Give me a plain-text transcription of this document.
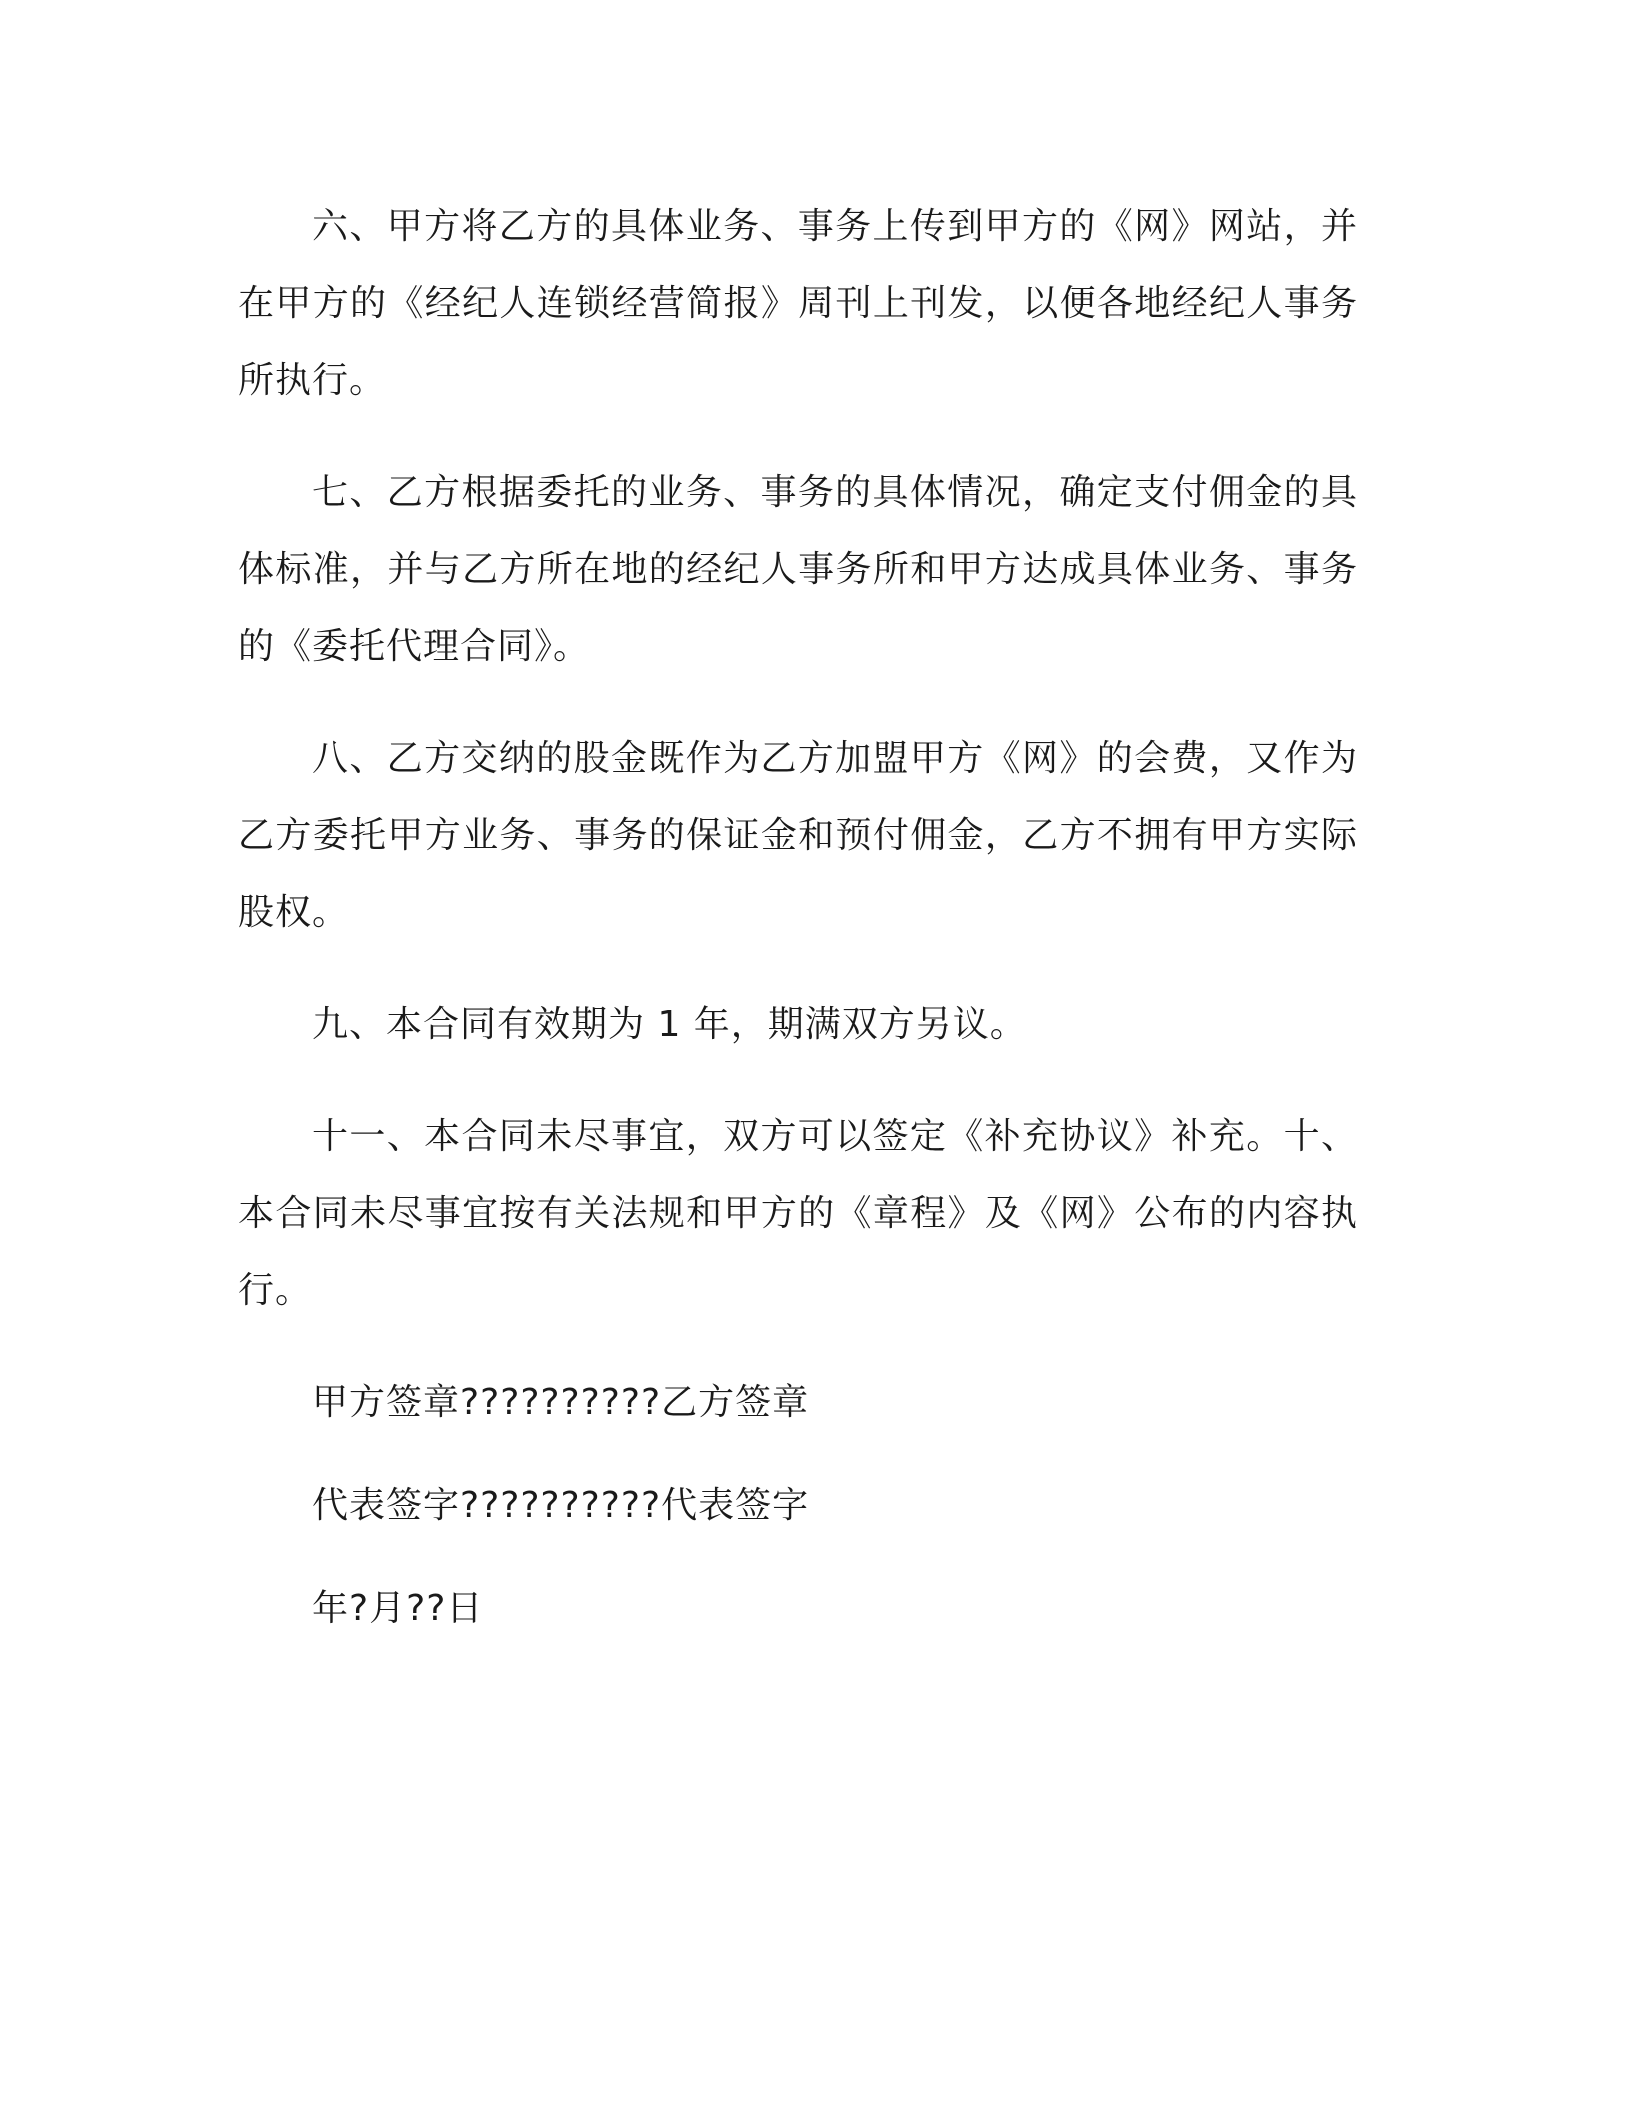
六、甲方将乙方的具体业务、事务上传到甲方的《网》网站，并在甲方的《经纪人连锁经营简报》周刊上刊发，以便各地经纪人事务所执行。

七、乙方根据委托的业务、事务的具体情况，确定支付佣金的具体标准，并与乙方所在地的经纪人事务所和甲方达成具体业务、事务的《委托代理合同》。

八、乙方交纳的股金既作为乙方加盟甲方《网》的会费，又作为乙方委托甲方业务、事务的保证金和预付佣金，乙方不拥有甲方实际股权。

九、本合同有效期为 1 年，期满双方另议。

十一、本合同未尽事宜，双方可以签定《补充协议》补充。十、本合同未尽事宜按有关法规和甲方的《章程》及《网》公布的内容执行。

甲方签章??????????乙方签章

代表签字??????????代表签字

年?月??日
